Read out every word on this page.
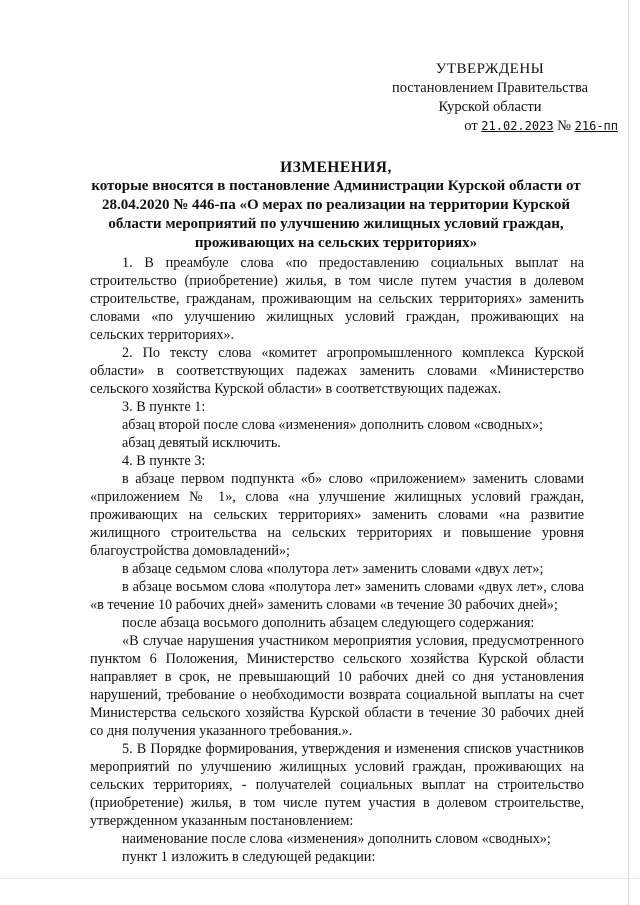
УТВЕРЖДЕНЫ
постановлением Правительства
Курской области
от 21.02.2023 № 216-пп
ИЗМЕНЕНИЯ,
которые вносятся в постановление Администрации Курской области от 28.04.2020 № 446-па «О мерах по реализации на территории Курской области мероприятий по улучшению жилищных условий граждан, проживающих на сельских территориях»

1. В преамбуле слова «по предоставлению социальных выплат на строительство (приобретение) жилья, в том числе путем участия в долевом строительстве, гражданам, проживающим на сельских территориях» заменить словами «по улучшению жилищных условий граждан, проживающих на сельских территориях».

2. По тексту слова «комитет агропромышленного комплекса Курской области» в соответствующих падежах заменить словами «Министерство сельского хозяйства Курской области» в соответствующих падежах.

3. В пункте 1:

абзац второй после слова «изменения» дополнить словом «сводных»;

абзац девятый исключить.

4. В пункте 3:

в абзаце первом подпункта «б» слово «приложением» заменить словами «приложением № 1», слова «на улучшение жилищных условий граждан, проживающих на сельских территориях» заменить словами «на развитие жилищного строительства на сельских территориях и повышение уровня благоустройства домовладений»;

в абзаце седьмом слова «полутора лет» заменить словами «двух лет»;

в абзаце восьмом слова «полутора лет» заменить словами «двух лет», слова «в течение 10 рабочих дней» заменить словами «в течение 30 рабочих дней»;

после абзаца восьмого дополнить абзацем следующего содержания:

«В случае нарушения участником мероприятия условия, предусмотренного пунктом 6 Положения, Министерство сельского хозяйства Курской области направляет в срок, не превышающий 10 рабочих дней со дня установления нарушений, требование о необходимости возврата социальной выплаты на счет Министерства сельского хозяйства Курской области в течение 30 рабочих дней со дня получения указанного требования.».

5. В Порядке формирования, утверждения и изменения списков участников мероприятий по улучшению жилищных условий граждан, проживающих на сельских территориях, - получателей социальных выплат на строительство (приобретение) жилья, в том числе путем участия в долевом строительстве, утвержденном указанным постановлением:

наименование после слова «изменения» дополнить словом «сводных»;

пункт 1 изложить в следующей редакции:
